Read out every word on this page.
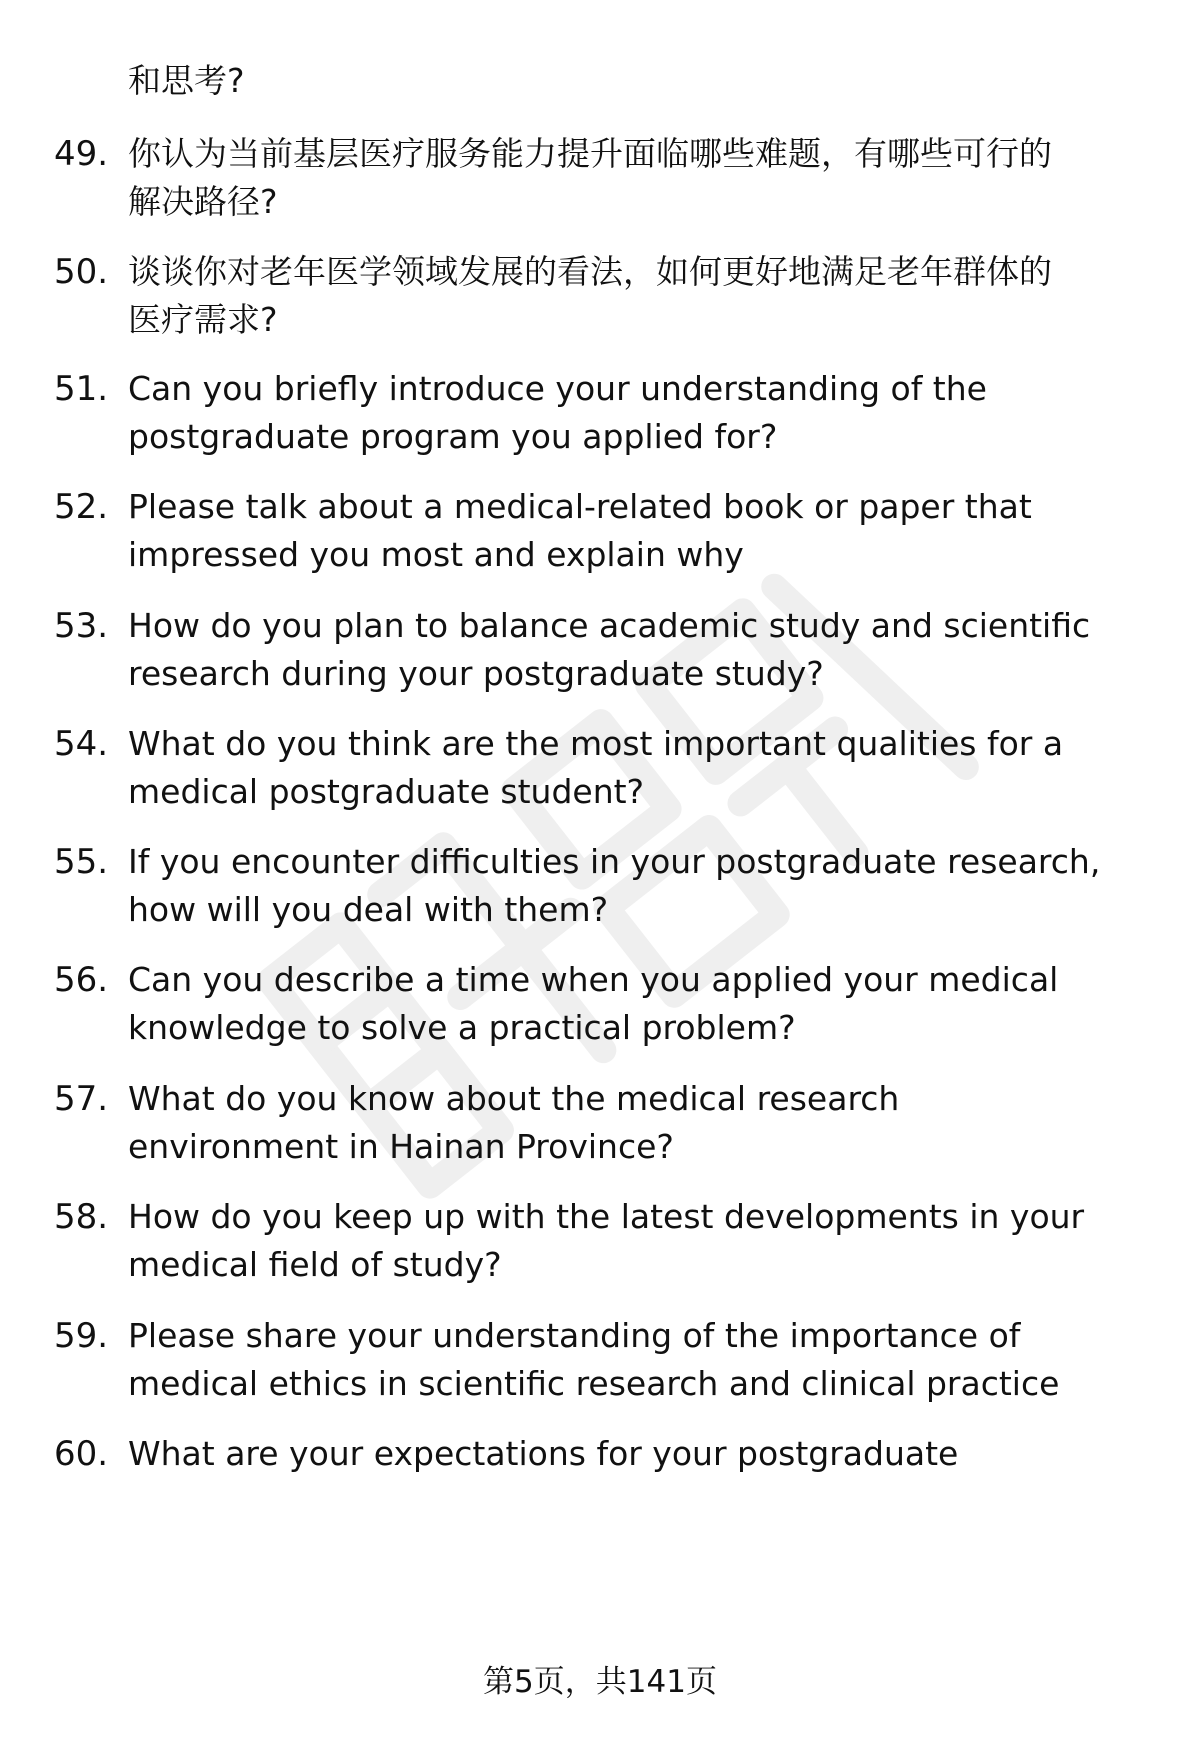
和思考?
49. 你认为当前基层医疗服务能力提升面临哪些难题，有哪些可行的
解决路径?
50. 谈谈你对老年医学领域发展的看法，如何更好地满足老年群体的
医疗需求?
51. Can you briefly introduce your understanding of the
postgraduate program you applied for?
52. Please talk about a medical-related book or paper that
impressed you most and explain why
53. How do you plan to balance academic study and scientific
research during your postgraduate study?
54. What do you think are the most important qualities for a
medical postgraduate student?
55. If you encounter difficulties in your postgraduate research,
how will you deal with them?
56. Can you describe a time when you applied your medical
knowledge to solve a practical problem?
57. What do you know about the medical research
environment in Hainan Province?
58. How do you keep up with the latest developments in your
medical field of study?
59. Please share your understanding of the importance of
medical ethics in scientific research and clinical practice
60. What are your expectations for your postgraduate
第5页，共141页
